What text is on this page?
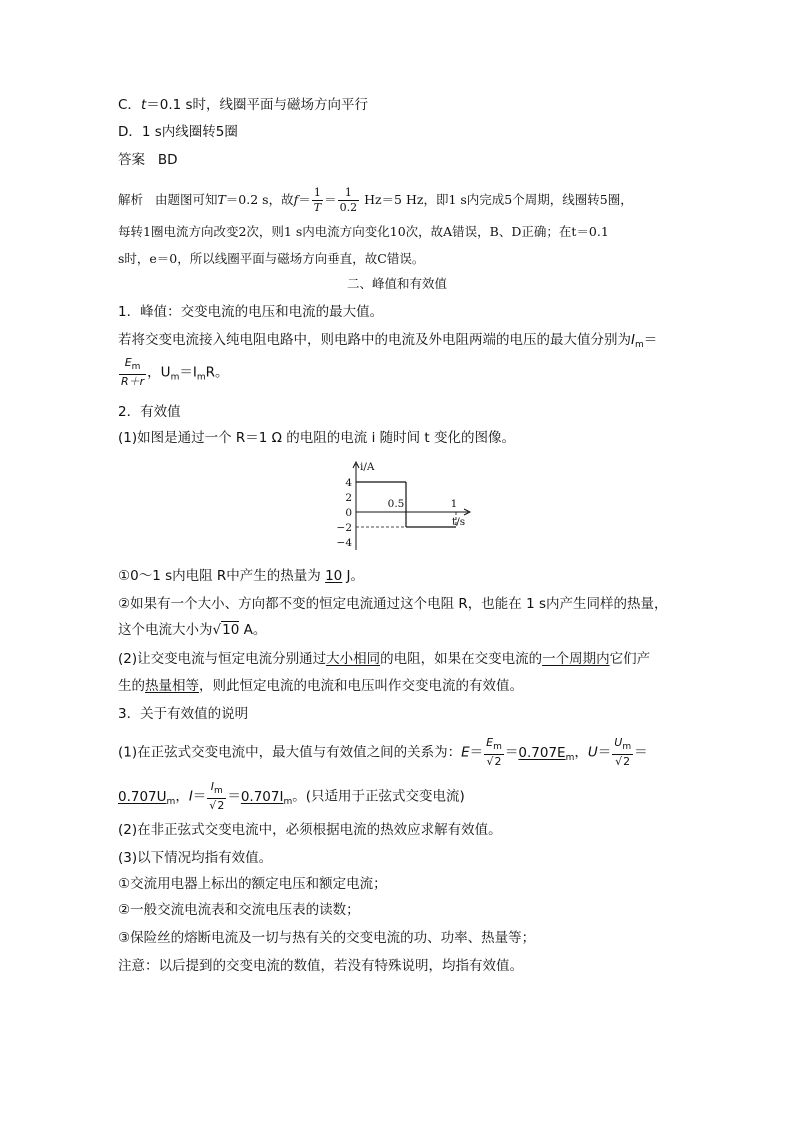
C．t＝0.1 s时，线圈平面与磁场方向平行
D．1 s内线圈转5圈
答案 BD
解析 由题图可知T＝0.2 s，故$f= \frac{1}{T} = \frac{1}{0.2} Hz=5$ Hz，即1 s内完成5个周期，线圈转5圈，
每转1圈电流方向改变2次，则1 s内电流方向变化10次，故A错误，B、D正确；在t＝0.1
s时，e＝0，所以线圈平面与磁场方向垂直，故C错误。
二、峰值和有效值
1．峰值：交变电流的电压和电流的最大值。
若将交变电流接入纯电阻电路中，则电路中的电流及外电阻两端的电压的最大值分别为$I_m=$
$\frac{E_m}{R+r}$ ，$U_m=I_mR$。
2．有效值
(1)如图是通过一个 R＝1 Ω 的电阻的电流 i 随时间 t 变化的图像。
i/A
t/s
4
2
0
−2
−4
0.5	1
①0～1 s内电阻 R中产生的热量为 10 J。
②如果有一个大小、方向都不变的恒定电流通过这个电阻 R，也能在 1 s内产生同样的热量，
这个电流大小为√10 A。
(2)让交变电流与恒定电流分别通过大小相同的电阻，如果在交变电流的一个周期内它们产
生的热量相等，则此恒定电流的电流和电压叫作交变电流的有效值。
3．关于有效值的说明
(1)在正弦式交变电流中，最大值与有效值之间的关系为：$E= \frac{E_m}{√2} =0.707E_m$，$U= \frac{U_m}{√2}$ ＝
$0.707U_m$，$I= \frac{I_m}{√2} =0.707I_m$。(只适用于正弦式交变电流)
(2)在非正弦式交变电流中，必须根据电流的热效应求解有效值。
(3)以下情况均指有效值。
①交流用电器上标出的额定电压和额定电流；
②一般交流电流表和交流电压表的读数；
③保险丝的熔断电流及一切与热有关的交变电流的功、功率、热量等；
注意：以后提到的交变电流的数值，若没有特殊说明，均指有效值。
